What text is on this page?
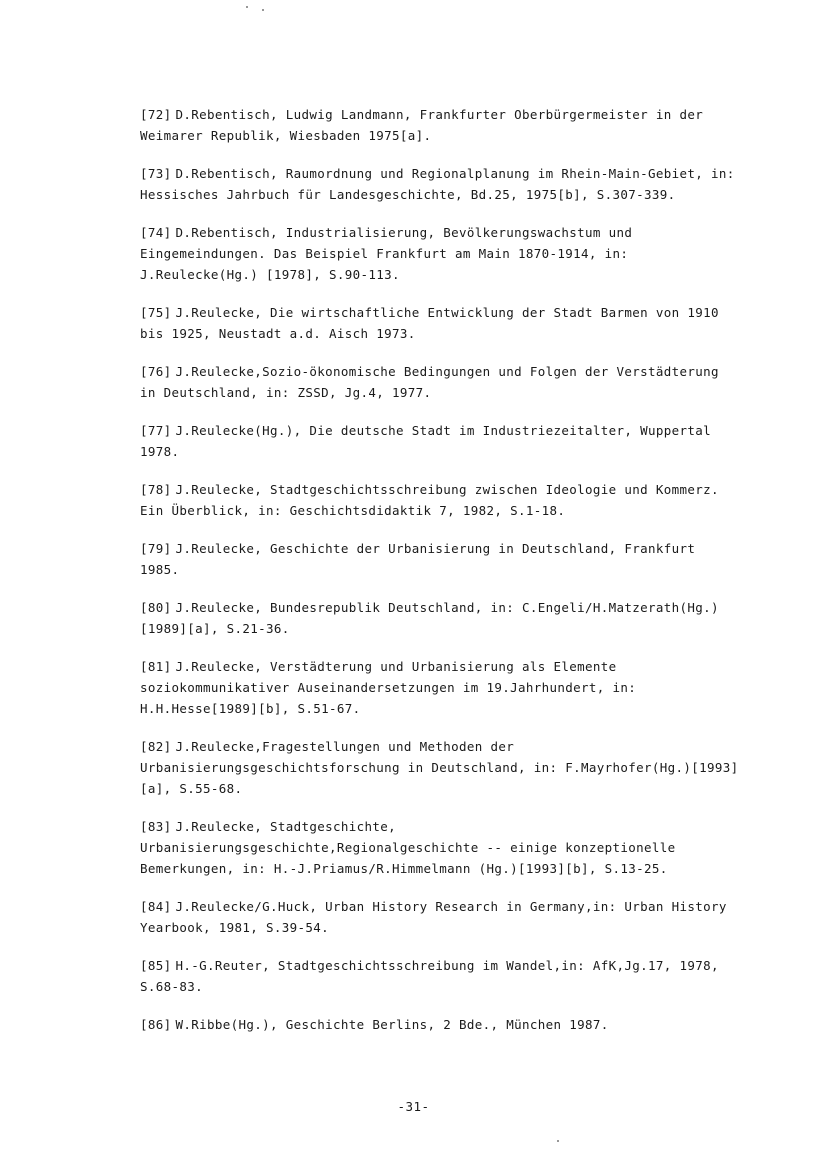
[72] D.Rebentisch, Ludwig Landmann, Frankfurter Oberbürgermeister in der Weimarer Republik, Wiesbaden 1975[a].

[73] D.Rebentisch, Raumordnung und Regionalplanung im Rhein-Main-Gebiet, in: Hessisches Jahrbuch für Landesgeschichte, Bd.25, 1975[b], S.307-339.

[74] D.Rebentisch, Industrialisierung, Bevölkerungswachstum und Eingemeindungen. Das Beispiel Frankfurt am Main 1870-1914, in: J.Reulecke(Hg.) [1978], S.90-113.

[75] J.Reulecke, Die wirtschaftliche Entwicklung der Stadt Barmen von 1910 bis 1925, Neustadt a.d. Aisch 1973.

[76] J.Reulecke,Sozio-ökonomische Bedingungen und Folgen der Verstädterung in Deutschland, in: ZSSD, Jg.4, 1977.

[77] J.Reulecke(Hg.), Die deutsche Stadt im Industriezeitalter, Wuppertal 1978.

[78] J.Reulecke, Stadtgeschichtsschreibung zwischen Ideologie und Kommerz. Ein Überblick, in: Geschichtsdidaktik 7, 1982, S.1-18.

[79] J.Reulecke, Geschichte der Urbanisierung in Deutschland, Frankfurt 1985.

[80] J.Reulecke, Bundesrepublik Deutschland, in: C.Engeli/H.Matzerath(Hg.) [1989][a], S.21-36.

[81] J.Reulecke, Verstädterung und Urbanisierung als Elemente soziokommunikativer Auseinandersetzungen im 19.Jahrhundert, in: H.H.Hesse[1989][b], S.51-67.

[82] J.Reulecke,Fragestellungen und Methoden der Urbanisierungsgeschichtsforschung in Deutschland, in: F.Mayrhofer(Hg.)[1993][a], S.55-68.

[83] J.Reulecke, Stadtgeschichte, Urbanisierungsgeschichte,Regionalgeschichte -- einige konzeptionelle Bemerkungen, in: H.-J.Priamus/R.Himmelmann (Hg.)[1993][b], S.13-25.

[84] J.Reulecke/G.Huck, Urban History Research in Germany,in: Urban History Yearbook, 1981, S.39-54.

[85] H.-G.Reuter, Stadtgeschichtsschreibung im Wandel,in: AfK,Jg.17, 1978, S.68-83.

[86] W.Ribbe(Hg.), Geschichte Berlins, 2 Bde., München 1987.

-31-
